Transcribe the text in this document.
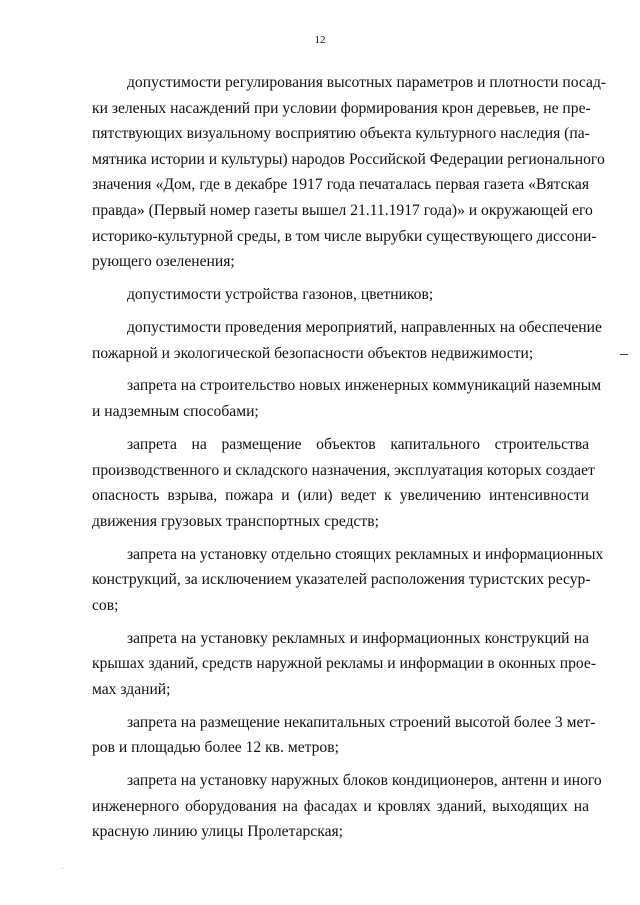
12
допустимости регулирования высотных параметров и плотности посад-
ки зеленых насаждений при условии формирования крон деревьев, не пре-
пятствующих визуальному восприятию объекта культурного наследия (па-
мятника истории и культуры) народов Российской Федерации регионального
значения «Дом, где в декабре 1917 года печаталась первая газета «Вятская
правда» (Первый номер газеты вышел 21.11.1917 года)» и окружающей его
историко-культурной среды, в том числе вырубки существующего диссони-
рующего озеленения;
допустимости устройства газонов, цветников;
допустимости проведения мероприятий, направленных на обеспечение
пожарной и экологической безопасности объектов недвижимости;
запрета на строительство новых инженерных коммуникаций наземным
и надземным способами;
запрета на размещение объектов капитального строительства
производственного и складского назначения, эксплуатация которых создает
опасность взрыва, пожара и (или) ведет к увеличению интенсивности
движения грузовых транспортных средств;
запрета на установку отдельно стоящих рекламных и информационных
конструкций, за исключением указателей расположения туристских ресур-
сов;
запрета на установку рекламных и информационных конструкций на
крышах зданий, средств наружной рекламы и информации в оконных прое-
мах зданий;
запрета на размещение некапитальных строений высотой более 3 мет-
ров и площадью более 12 кв. метров;
запрета на установку наружных блоков кондиционеров, антенн и иного
инженерного оборудования на фасадах и кровлях зданий, выходящих на
красную линию улицы Пролетарская;
